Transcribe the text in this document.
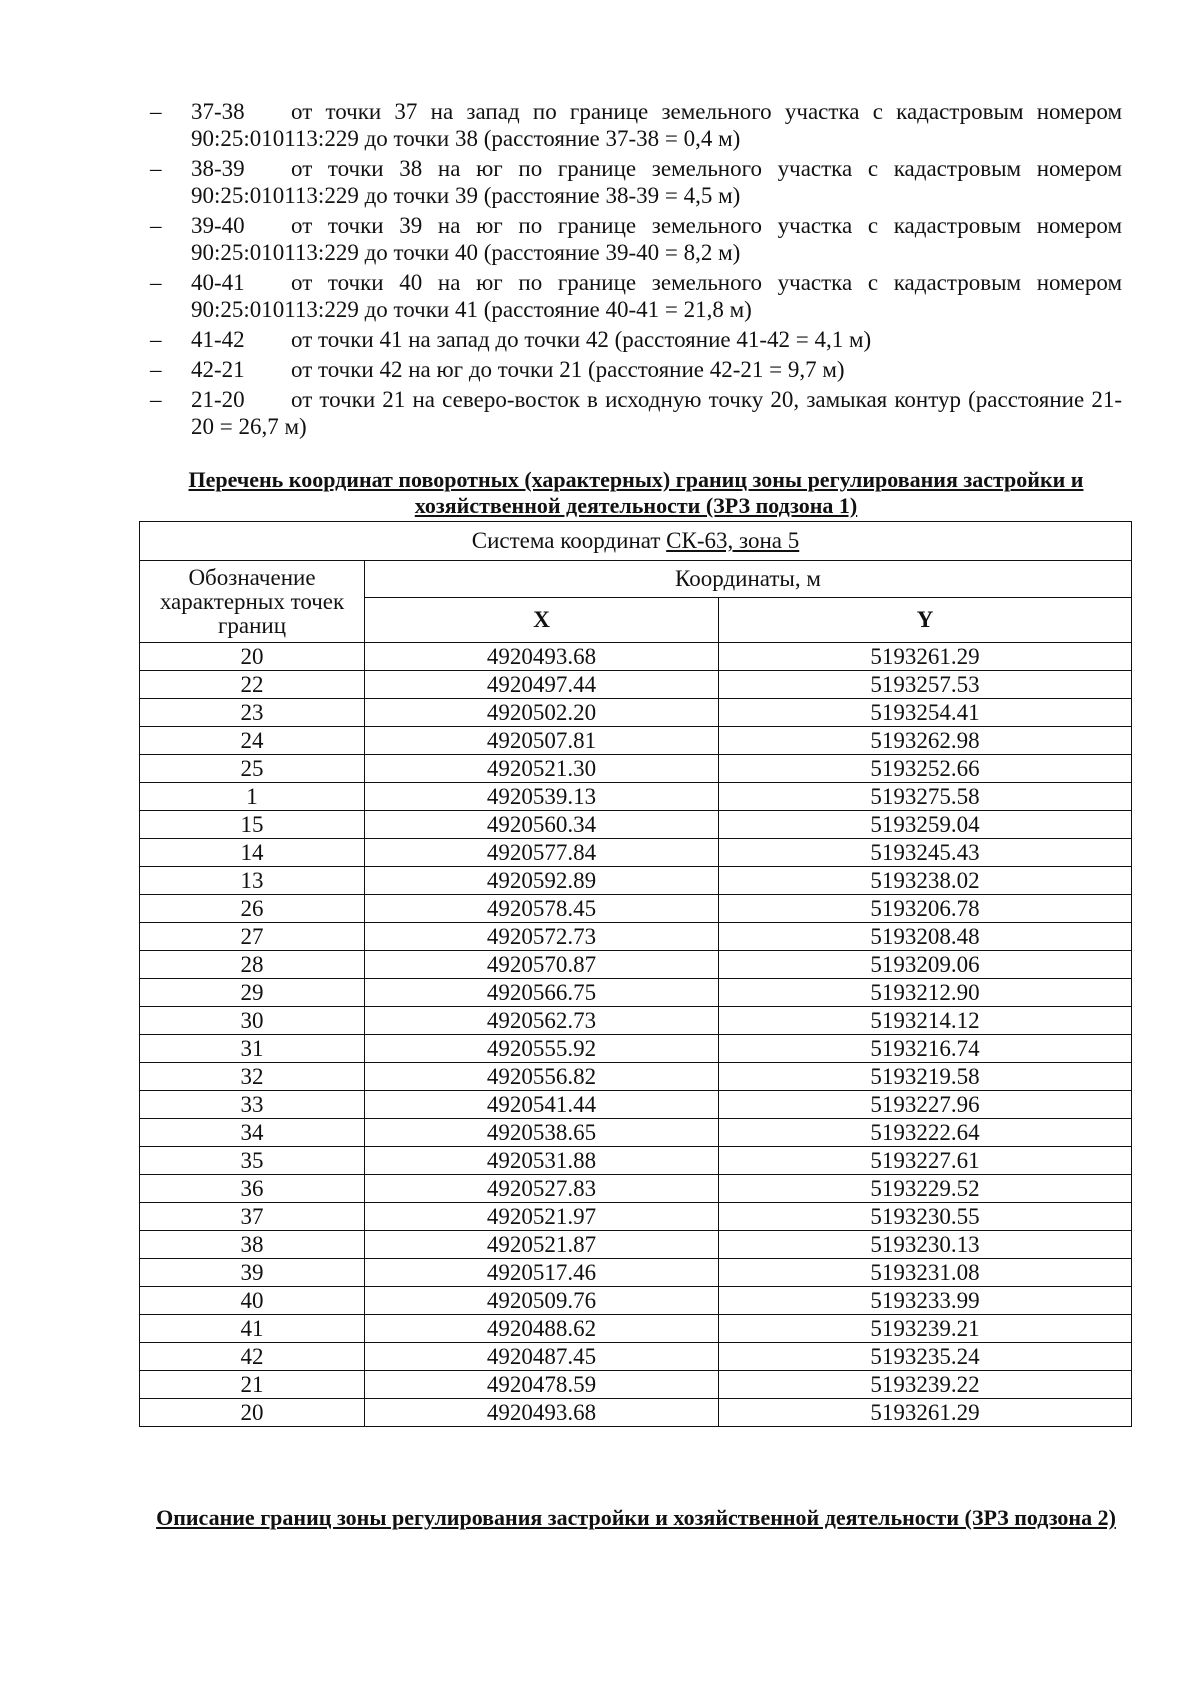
– 37-38	от точки 37 на запад по границе земельного участка с кадастровым номером 90:25:010113:229 до точки 38 (расстояние 37-38 = 0,4 м)
– 38-39	от точки 38 на юг по границе земельного участка с кадастровым номером 90:25:010113:229 до точки 39 (расстояние 38-39 = 4,5 м)
– 39-40	от точки 39 на юг по границе земельного участка с кадастровым номером 90:25:010113:229 до точки 40 (расстояние 39-40 = 8,2 м)
– 40-41	от точки 40 на юг по границе земельного участка с кадастровым номером 90:25:010113:229 до точки 41 (расстояние 40-41 = 21,8 м)
– 41-42 от точки 41 на запад до точки 42 (расстояние 41-42 = 4,1 м)
– 42-21 от точки 42 на юг до точки 21 (расстояние 42-21 = 9,7 м)
– 21-20	от точки 21 на северо-восток в исходную точку 20, замыкая контур (расстояние 21-20 = 26,7 м)
Перечень координат поворотных (характерных) границ зоны регулирования застройки и хозяйственной деятельности (ЗРЗ подзона 1)
Система координат СК-63, зона 5		
Обозначение характерных точек границ	Координаты, м	
	X	Y
20	4920493.68	5193261.29
22	4920497.44	5193257.53
23	4920502.20	5193254.41
24	4920507.81	5193262.98
25	4920521.30	5193252.66
1	4920539.13	5193275.58
15	4920560.34	5193259.04
14	4920577.84	5193245.43
13	4920592.89	5193238.02
26	4920578.45	5193206.78
27	4920572.73	5193208.48
28	4920570.87	5193209.06
29	4920566.75	5193212.90
30	4920562.73	5193214.12
31	4920555.92	5193216.74
32	4920556.82	5193219.58
33	4920541.44	5193227.96
34	4920538.65	5193222.64
35	4920531.88	5193227.61
36	4920527.83	5193229.52
37	4920521.97	5193230.55
38	4920521.87	5193230.13
39	4920517.46	5193231.08
40	4920509.76	5193233.99
41	4920488.62	5193239.21
42	4920487.45	5193235.24
21	4920478.59	5193239.22
20	4920493.68	5193261.29
Описание границ зоны регулирования застройки и хозяйственной деятельности (ЗРЗ подзона 2)
